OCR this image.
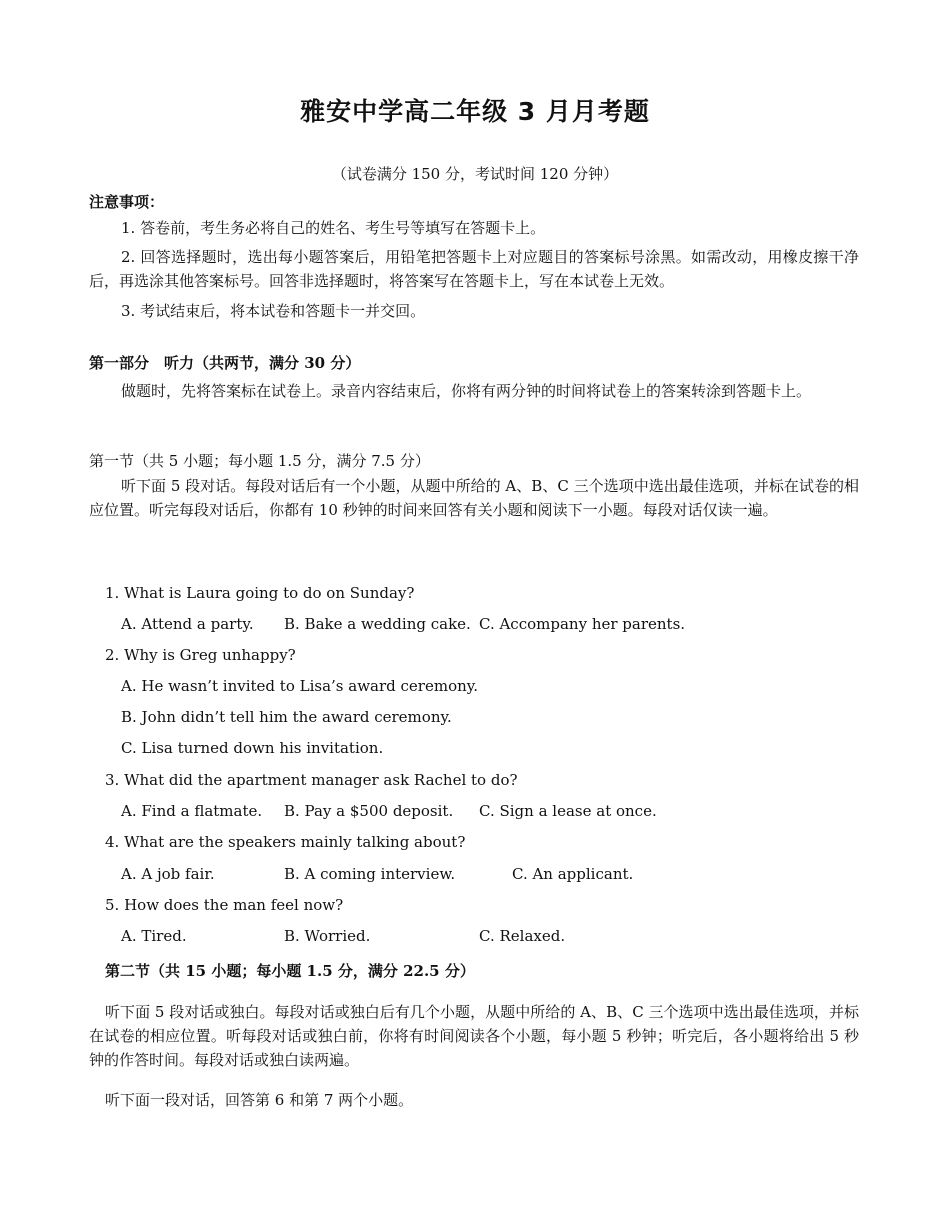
雅安中学高二年级 3 月月考题
（试卷满分 150 分，考试时间 120 分钟）
注意事项：
1. 答卷前，考生务必将自己的姓名、考生号等填写在答题卡上。
2. 回答选择题时，选出每小题答案后，用铅笔把答题卡上对应题目的答案标号涂黑。如需改动，用橡皮擦干净后，再选涂其他答案标号。回答非选择题时，将答案写在答题卡上，写在本试卷上无效。
3. 考试结束后，将本试卷和答题卡一并交回。
第一部分　听力（共两节，满分 30 分）
做题时，先将答案标在试卷上。录音内容结束后，你将有两分钟的时间将试卷上的答案转涂到答题卡上。
第一节（共 5 小题；每小题 1.5 分，满分 7.5 分）
听下面 5 段对话。每段对话后有一个小题，从题中所给的 A、B、C 三个选项中选出最佳选项，并标在试卷的相应位置。听完每段对话后，你都有 10 秒钟的时间来回答有关小题和阅读下一小题。每段对话仅读一遍。
1. What is Laura going to do on Sunday?
A. Attend a party. B. Bake a wedding cake. C. Accompany her parents.
2. Why is Greg unhappy?
A. He wasn’t invited to Lisa’s award ceremony.
B. John didn’t tell him the award ceremony.
C. Lisa turned down his invitation.
3. What did the apartment manager ask Rachel to do?
A. Find a flatmate. B. Pay a $500 deposit. C. Sign a lease at once.
4. What are the speakers mainly talking about?
A. A job fair.	B. A coming interview.	C. An applicant.
5. How does the man feel now?
A. Tired.	B. Worried.	C. Relaxed.
第二节（共 15 小题；每小题 1.5 分，满分 22.5 分）
听下面 5 段对话或独白。每段对话或独白后有几个小题，从题中所给的 A、B、C 三个选项中选出最佳选项，并标在试卷的相应位置。听每段对话或独白前，你将有时间阅读各个小题，每小题 5 秒钟；听完后，各小题将给出 5 秒钟的作答时间。每段对话或独白读两遍。
听下面一段对话，回答第 6 和第 7 两个小题。
